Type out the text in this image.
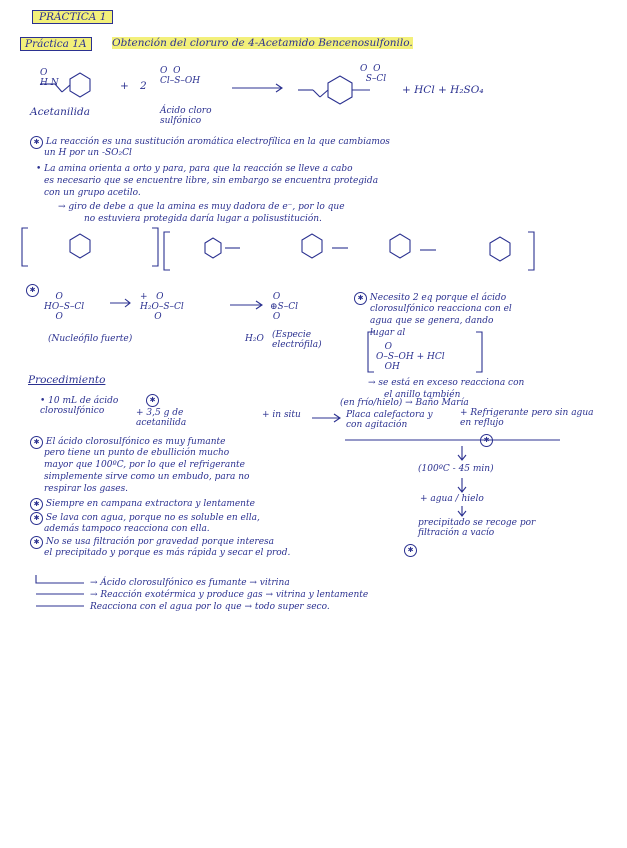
PRÁCTICA 1
Práctica 1A	Obtención del cloruro de 4-Acetamido Bencenosulfonilo.
O
H N	+ 2
O  O
Cl–S–OH
O  O
S–Cl
+ HCl + H₂SO₄
Acetanilida	Ácido cloro sulfónico
✱ La reacción es una sustitución aromática electrofílica en la que cambiamos
un H por un -SO₂Cl
• La amina orienta a orto y para, para que la reacción se lleve a cabo
es necesario que se encuentre libre, sin embargo se encuentra protegida
con un grupo acetilo.
→ giro de debe a que la amina es muy dadora de e⁻, por lo que
no estuviera protegida daría lugar a polisustitución.
✱
O
HO–S–Cl
O
+   O
H₂O–S–Cl
O
O
⊕S–Cl
O
(Nucleófilo fuerte)	H₂O (Especie electrófila)
✱ Necesito 2 eq porque el ácido
clorosulfónico reacciona con el
agua que se genera, dando
lugar al
O
O–S–OH + HCl
OH
→ se está en exceso reacciona con
el anillo también
Procedimiento
• 10 mL de ácido clorosulfónico
✱
+ 3,5 g de acetanilida
+ in situ
(en frío/hielo) → Baño María
Placa calefactora y con agitación
+ Refrigerante pero sin agua en reflujo
✱
(100ºC - 45 min)
+ agua / hielo
precipitado se recoge por filtración a vacío
✱
✱ El ácido clorosulfónico es muy fumante
pero tiene un punto de ebullición mucho
mayor que 100ºC, por lo que el refrigerante
simplemente sirve como un embudo, para no
respirar los gases.
✱ Siempre en campana extractora y lentamente
✱ Se lava con agua, porque no es soluble en ella,
además tampoco reacciona con ella.
✱ No se usa filtración por gravedad porque interesa
el precipitado y porque es más rápida y secar el prod.
→ Ácido clorosulfónico es fumante → vitrina
→ Reacción exotérmica y produce gas → vitrina y lentamente
Reacciona con el agua por lo que → todo super seco.
